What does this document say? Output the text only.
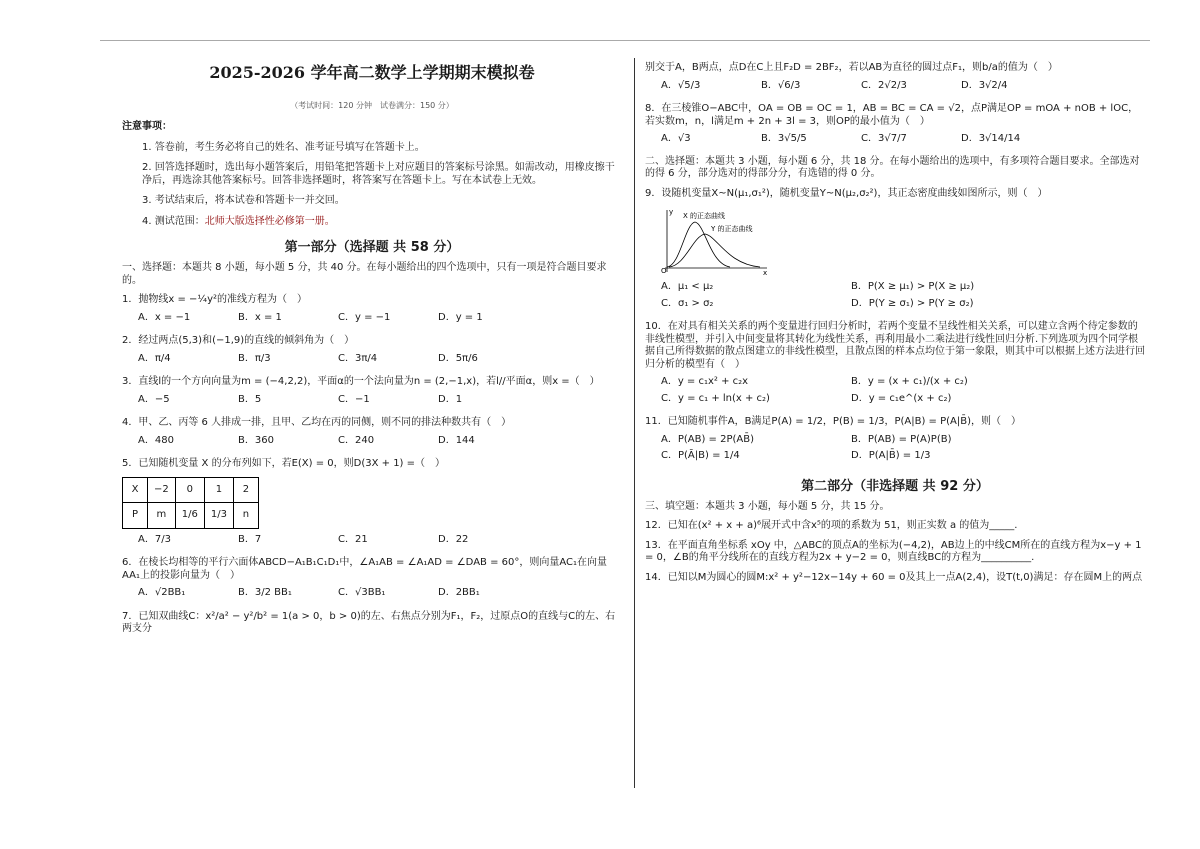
2025-2026 学年高二数学上学期期末模拟卷
（考试时间：120 分钟　试卷满分：150 分）
注意事项：
1. 答卷前，考生务必将自己的姓名、准考证号填写在答题卡上。
2. 回答选择题时，选出每小题答案后，用铅笔把答题卡上对应题目的答案标号涂黑。如需改动，用橡皮擦干净后，再选涂其他答案标号。回答非选择题时，将答案写在答题卡上。写在本试卷上无效。
3. 考试结束后，将本试卷和答题卡一并交回。
4. 测试范围：北师大版选择性必修第一册。
第一部分（选择题 共 58 分）
一、选择题：本题共 8 小题，每小题 5 分，共 40 分。在每小题给出的四个选项中，只有一项是符合题目要求的。
1．抛物线x = −¼y²的准线方程为（　）
A．x = −1	B．x = 1	C．y = −1	D．y = 1
2．经过两点(5,3)和(−1,9)的直线的倾斜角为（　）
A．π/4	B．π/3	C．3π/4	D．5π/6
3．直线l的一个方向向量为m = (−4,2,2)，平面α的一个法向量为n = (2,−1,x)，若l//平面α，则x =（　）
A．−5	B．5	C．−1	D．1
4．甲、乙、丙等 6 人排成一排，且甲、乙均在丙的同侧，则不同的排法种数共有（　）
A．480	B．360	C．240	D．144
5．已知随机变量 X 的分布列如下，若E(X) = 0，则D(3X + 1) =（　）
X	−2	0	1	2
P	m	1/6	1/3	n
A．7/3	B．7	C．21	D．22
6．在棱长均相等的平行六面体ABCD−A₁B₁C₁D₁中，∠A₁AB = ∠A₁AD = ∠DAB = 60°，则向量AC₁在向量AA₁上的投影向量为（　）
A．√2BB₁	B．3/2 BB₁	C．√3BB₁	D．2BB₁
7．已知双曲线C：x²/a² − y²/b² = 1(a > 0，b > 0)的左、右焦点分别为F₁，F₂，过原点O的直线与C的左、右两支分
别交于A，B两点，点D在C上且F₂D = 2BF₂，若以AB为直径的圆过点F₁，则b/a的值为（　）
A．√5/3	B．√6/3	C．2√2/3	D．3√2/4
8．在三棱锥O−ABC中，OA = OB = OC = 1，AB = BC = CA = √2，点P满足OP = mOA + nOB + lOC，若实数m，n，l满足m + 2n + 3l = 3，则OP的最小值为（　）
A．√3	B．3√5/5	C．3√7/7	D．3√14/14
二、选择题：本题共 3 小题，每小题 6 分，共 18 分。在每小题给出的选项中，有多项符合题目要求。全部选对的得 6 分，部分选对的得部分分，有选错的得 0 分。
9．设随机变量X~N(μ₁,σ₁²)，随机变量Y~N(μ₂,σ₂²)，其正态密度曲线如图所示，则（　）
O	x
y X 的正态曲线
Y 的正态曲线
A．μ₁ < μ₂	B．P(X ≥ μ₁) > P(X ≥ μ₂)
C．σ₁ > σ₂	D．P(Y ≥ σ₁) > P(Y ≥ σ₂)
10．在对具有相关关系的两个变量进行回归分析时，若两个变量不呈线性相关关系，可以建立含两个待定参数的非线性模型，并引入中间变量将其转化为线性关系，再利用最小二乘法进行线性回归分析.下列选项为四个同学根据自己所得数据的散点图建立的非线性模型，且散点图的样本点均位于第一象限，则其中可以根据上述方法进行回归分析的模型有（　）
A．y = c₁x² + c₂x	B．y = (x + c₁)/(x + c₂)
C．y = c₁ + ln(x + c₂)	D．y = c₁e^(x + c₂)
11．已知随机事件A，B满足P(A) = 1/2，P(B) = 1/3，P(A|B) = P(A|B̄)，则（　）
A．P(AB) = 2P(AB̄)	B．P(AB) = P(A)P(B)
C．P(Ā|B) = 1/4	D．P(A|B̄) = 1/3
第二部分（非选择题 共 92 分）
三、填空题：本题共 3 小题，每小题 5 分，共 15 分。
12．已知在(x² + x + a)⁶展开式中含x⁵的项的系数为 51，则正实数 a 的值为_____.
13．在平面直角坐标系 xOy 中，△ABC的顶点A的坐标为(−4,2)，AB边上的中线CM所在的直线方程为x−y + 1 = 0，∠B的角平分线所在的直线方程为2x + y−2 = 0，则直线BC的方程为__________.
14．已知以M为圆心的圆M:x² + y²−12x−14y + 60 = 0及其上一点A(2,4)，设T(t,0)满足：存在圆M上的两点
